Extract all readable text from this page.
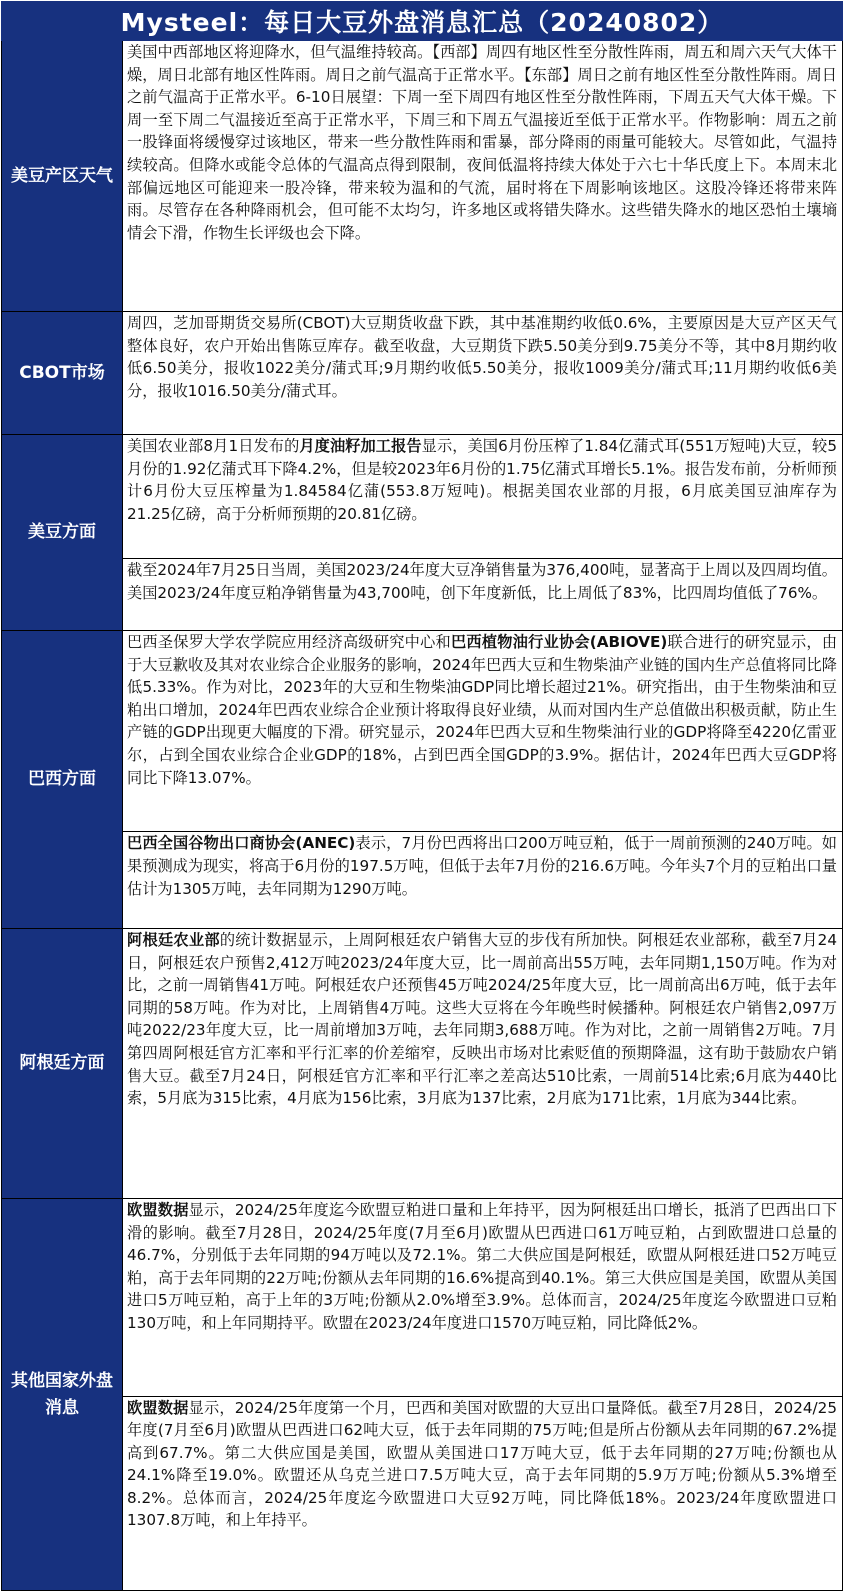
Mysteel：每日大豆外盘消息汇总（20240802）
美豆产区天气
美国中西部地区将迎降水，但气温维持较高。【西部】周四有地区性至分散性阵雨，周五和周六天气大体干燥，周日北部有地区性阵雨。周日之前气温高于正常水平。【东部】周日之前有地区性至分散性阵雨。周日之前气温高于正常水平。6-10日展望：下周一至下周四有地区性至分散性阵雨，下周五天气大体干燥。下周一至下周二气温接近至高于正常水平，下周三和下周五气温接近至低于正常水平。作物影响：周五之前一股锋面将缓慢穿过该地区，带来一些分散性阵雨和雷暴，部分降雨的雨量可能较大。尽管如此，气温持续较高。但降水或能令总体的气温高点得到限制，夜间低温将持续大体处于六七十华氏度上下。本周末北部偏远地区可能迎来一股冷锋，带来较为温和的气流，届时将在下周影响该地区。这股冷锋还将带来阵雨。尽管存在各种降雨机会，但可能不太均匀，许多地区或将错失降水。这些错失降水的地区恐怕土壤墒情会下滑，作物生长评级也会下降。
CBOT市场
周四，芝加哥期货交易所(CBOT)大豆期货收盘下跌，其中基准期约收低0.6%，主要原因是大豆产区天气整体良好，农户开始出售陈豆库存。截至收盘，大豆期货下跌5.50美分到9.75美分不等，其中8月期约收低6.50美分，报收1022美分/蒲式耳;9月期约收低5.50美分，报收1009美分/蒲式耳;11月期约收低6美分，报收1016.50美分/蒲式耳。
美豆方面
美国农业部8月1日发布的月度油籽加工报告显示，美国6月份压榨了1.84亿蒲式耳(551万短吨)大豆，较5月份的1.92亿蒲式耳下降4.2%，但是较2023年6月份的1.75亿蒲式耳增长5.1%。报告发布前，分析师预计6月份大豆压榨量为1.84584亿蒲(553.8万短吨)。根据美国农业部的月报，6月底美国豆油库存为21.25亿磅，高于分析师预期的20.81亿磅。
截至2024年7月25日当周，美国2023/24年度大豆净销售量为376,400吨，显著高于上周以及四周均值。美国2023/24年度豆粕净销售量为43,700吨，创下年度新低，比上周低了83%，比四周均值低了76%。
巴西方面
巴西圣保罗大学农学院应用经济高级研究中心和巴西植物油行业协会(ABIOVE)联合进行的研究显示，由于大豆歉收及其对农业综合企业服务的影响，2024年巴西大豆和生物柴油产业链的国内生产总值将同比降低5.33%。作为对比，2023年的大豆和生物柴油GDP同比增长超过21%。研究指出，由于生物柴油和豆粕出口增加，2024年巴西农业综合企业预计将取得良好业绩，从而对国内生产总值做出积极贡献，防止生产链的GDP出现更大幅度的下滑。研究显示，2024年巴西大豆和生物柴油行业的GDP将降至4220亿雷亚尔，占到全国农业综合企业GDP的18%，占到巴西全国GDP的3.9%。据估计，2024年巴西大豆GDP将同比下降13.07%。
巴西全国谷物出口商协会(ANEC)表示，7月份巴西将出口200万吨豆粕，低于一周前预测的240万吨。如果预测成为现实，将高于6月份的197.5万吨，但低于去年7月份的216.6万吨。今年头7个月的豆粕出口量估计为1305万吨，去年同期为1290万吨。
阿根廷方面
阿根廷农业部的统计数据显示，上周阿根廷农户销售大豆的步伐有所加快。阿根廷农业部称，截至7月24日，阿根廷农户预售2,412万吨2023/24年度大豆，比一周前高出55万吨，去年同期1,150万吨。作为对比，之前一周销售41万吨。阿根廷农户还预售45万吨2024/25年度大豆，比一周前高出6万吨，低于去年同期的58万吨。作为对比，上周销售4万吨。这些大豆将在今年晚些时候播种。阿根廷农户销售2,097万吨2022/23年度大豆，比一周前增加3万吨，去年同期3,688万吨。作为对比，之前一周销售2万吨。7月第四周阿根廷官方汇率和平行汇率的价差缩窄，反映出市场对比索贬值的预期降温，这有助于鼓励农户销售大豆。截至7月24日，阿根廷官方汇率和平行汇率之差高达510比索，一周前514比索;6月底为440比索，5月底为315比索，4月底为156比索，3月底为137比索，2月底为171比索，1月底为344比索。
其他国家外盘消息
欧盟数据显示，2024/25年度迄今欧盟豆粕进口量和上年持平，因为阿根廷出口增长，抵消了巴西出口下滑的影响。截至7月28日，2024/25年度(7月至6月)欧盟从巴西进口61万吨豆粕，占到欧盟进口总量的46.7%，分别低于去年同期的94万吨以及72.1%。第二大供应国是阿根廷，欧盟从阿根廷进口52万吨豆粕，高于去年同期的22万吨;份额从去年同期的16.6%提高到40.1%。第三大供应国是美国，欧盟从美国进口5万吨豆粕，高于上年的3万吨;份额从2.0%增至3.9%。总体而言，2024/25年度迄今欧盟进口豆粕130万吨，和上年同期持平。欧盟在2023/24年度进口1570万吨豆粕，同比降低2%。
欧盟数据显示，2024/25年度第一个月，巴西和美国对欧盟的大豆出口量降低。截至7月28日，2024/25年度(7月至6月)欧盟从巴西进口62吨大豆，低于去年同期的75万吨;但是所占份额从去年同期的67.2%提高到67.7%。第二大供应国是美国，欧盟从美国进口17万吨大豆，低于去年同期的27万吨;份额也从24.1%降至19.0%。欧盟还从乌克兰进口7.5万吨大豆，高于去年同期的5.9万万吨;份额从5.3%增至8.2%。总体而言，2024/25年度迄今欧盟进口大豆92万吨，同比降低18%。2023/24年度欧盟进口1307.8万吨，和上年持平。
